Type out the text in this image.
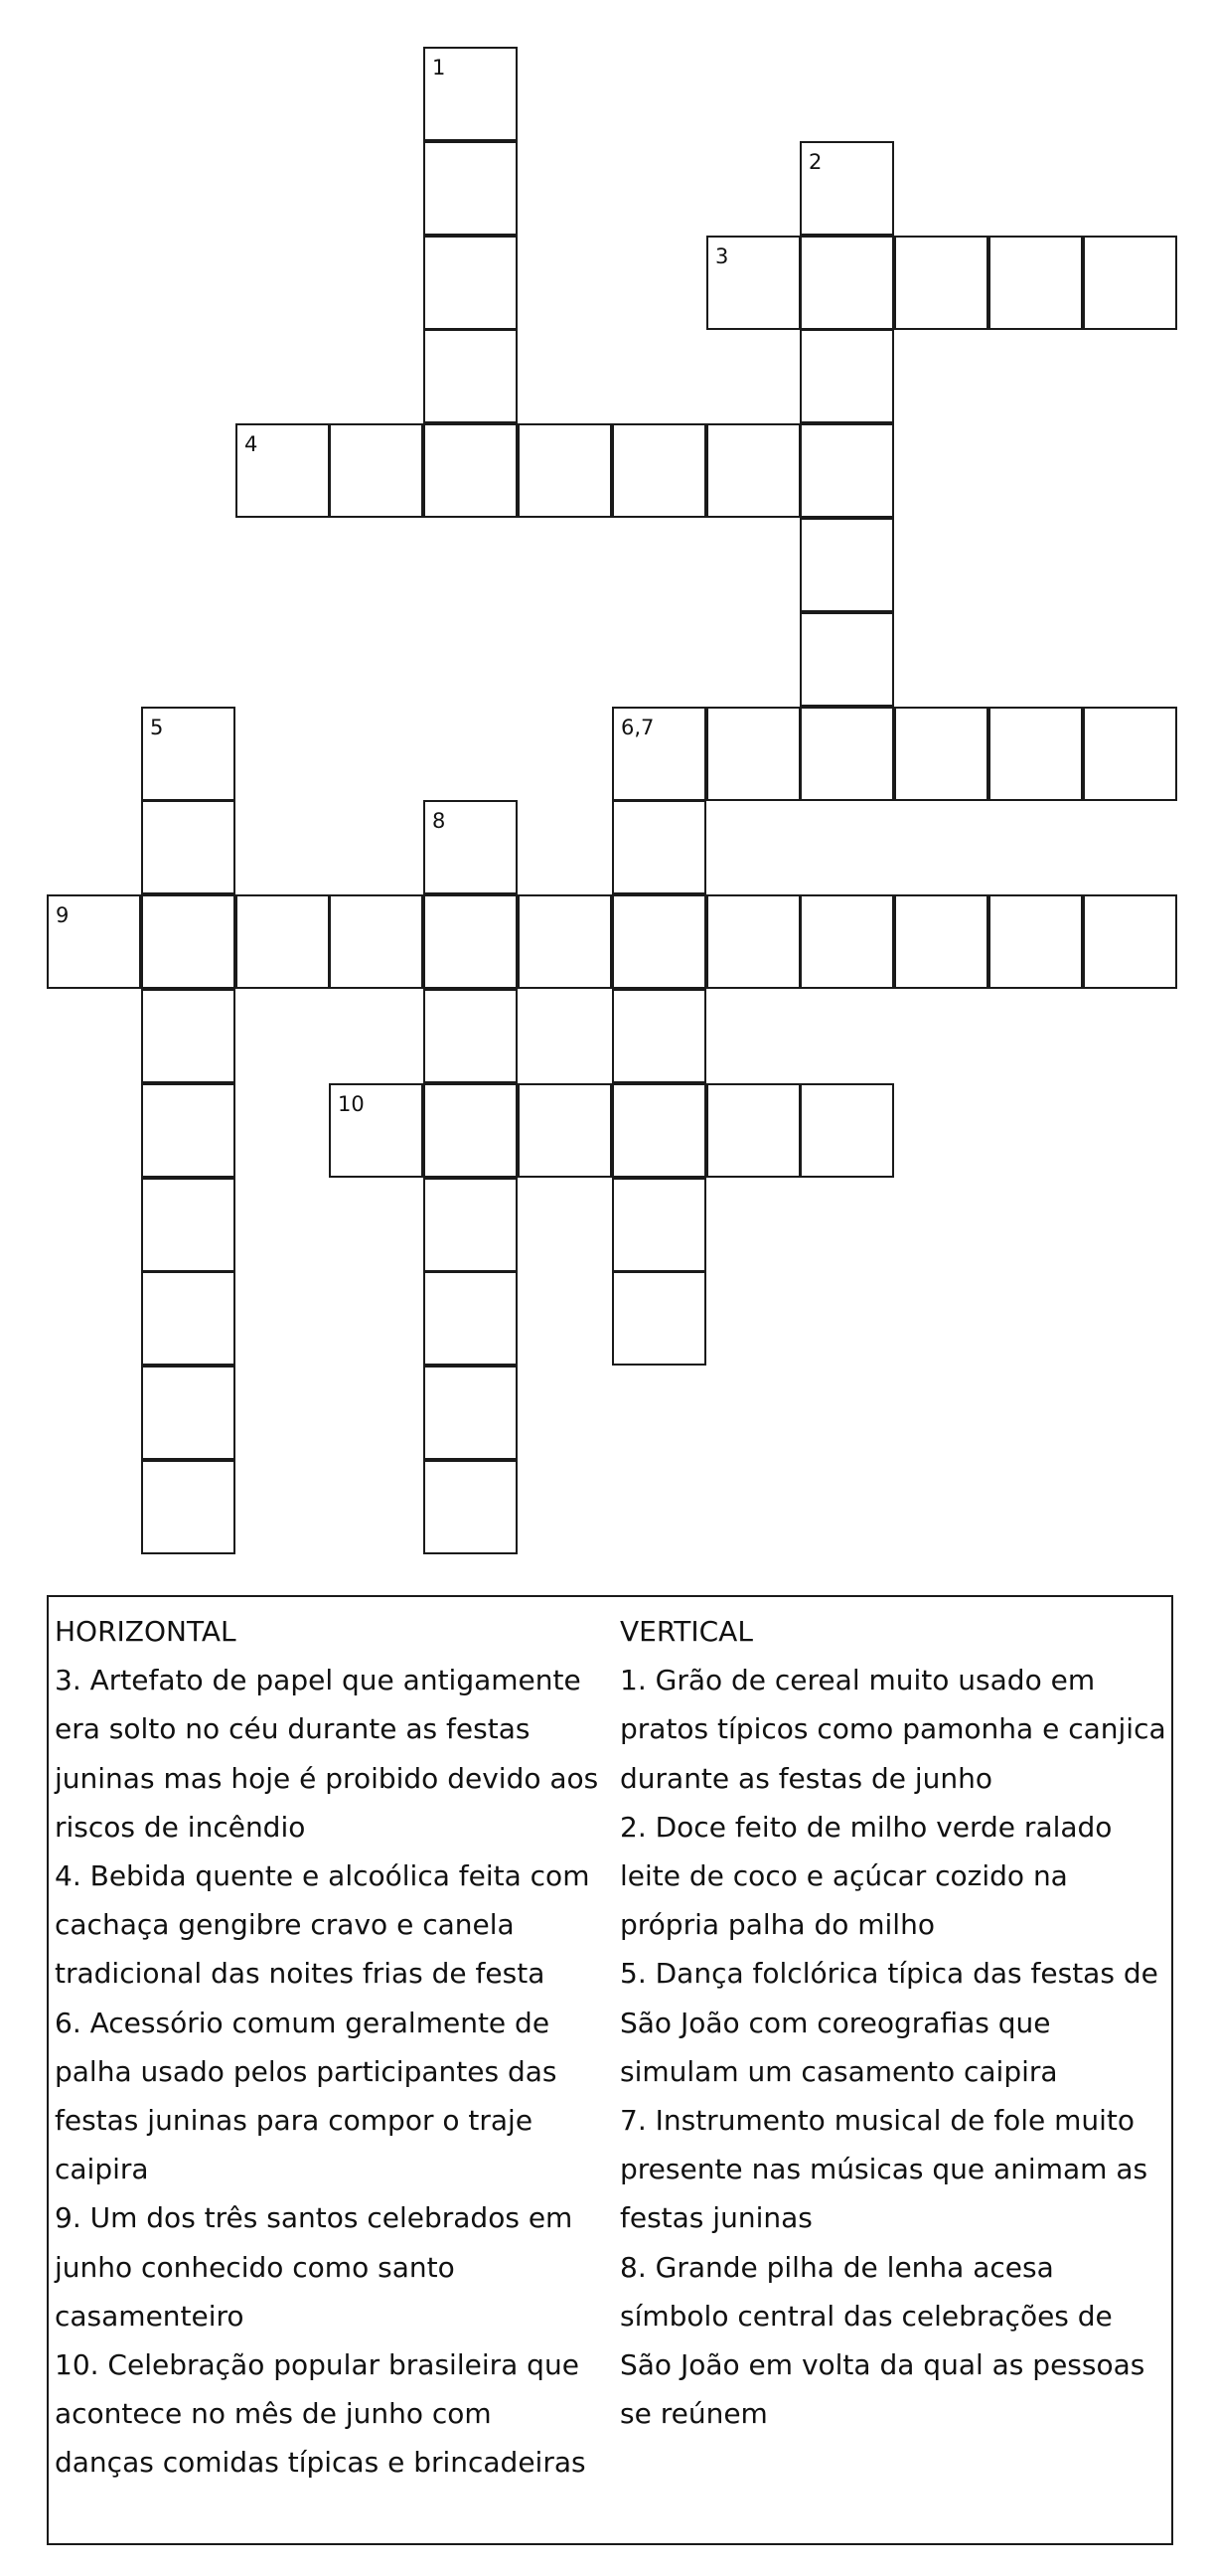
1
2
3
4
5	6,7
8
9
10
HORIZONTAL
3. Artefato de papel que antigamente era solto no céu durante as festas juninas mas hoje é proibido devido aos riscos de incêndio
4. Bebida quente e alcoólica feita com cachaça gengibre cravo e canela tradicional das noites frias de festa
6. Acessório comum geralmente de palha usado pelos participantes das festas juninas para compor o traje caipira
9. Um dos três santos celebrados em junho conhecido como santo casamenteiro
10. Celebração popular brasileira que acontece no mês de junho com danças comidas típicas e brincadeiras
VERTICAL
1. Grão de cereal muito usado em pratos típicos como pamonha e canjica durante as festas de junho
2. Doce feito de milho verde ralado leite de coco e açúcar cozido na própria palha do milho
5. Dança folclórica típica das festas de São João com coreografias que simulam um casamento caipira
7. Instrumento musical de fole muito presente nas músicas que animam as festas juninas
8. Grande pilha de lenha acesa símbolo central das celebrações de São João em volta da qual as pessoas se reúnem
